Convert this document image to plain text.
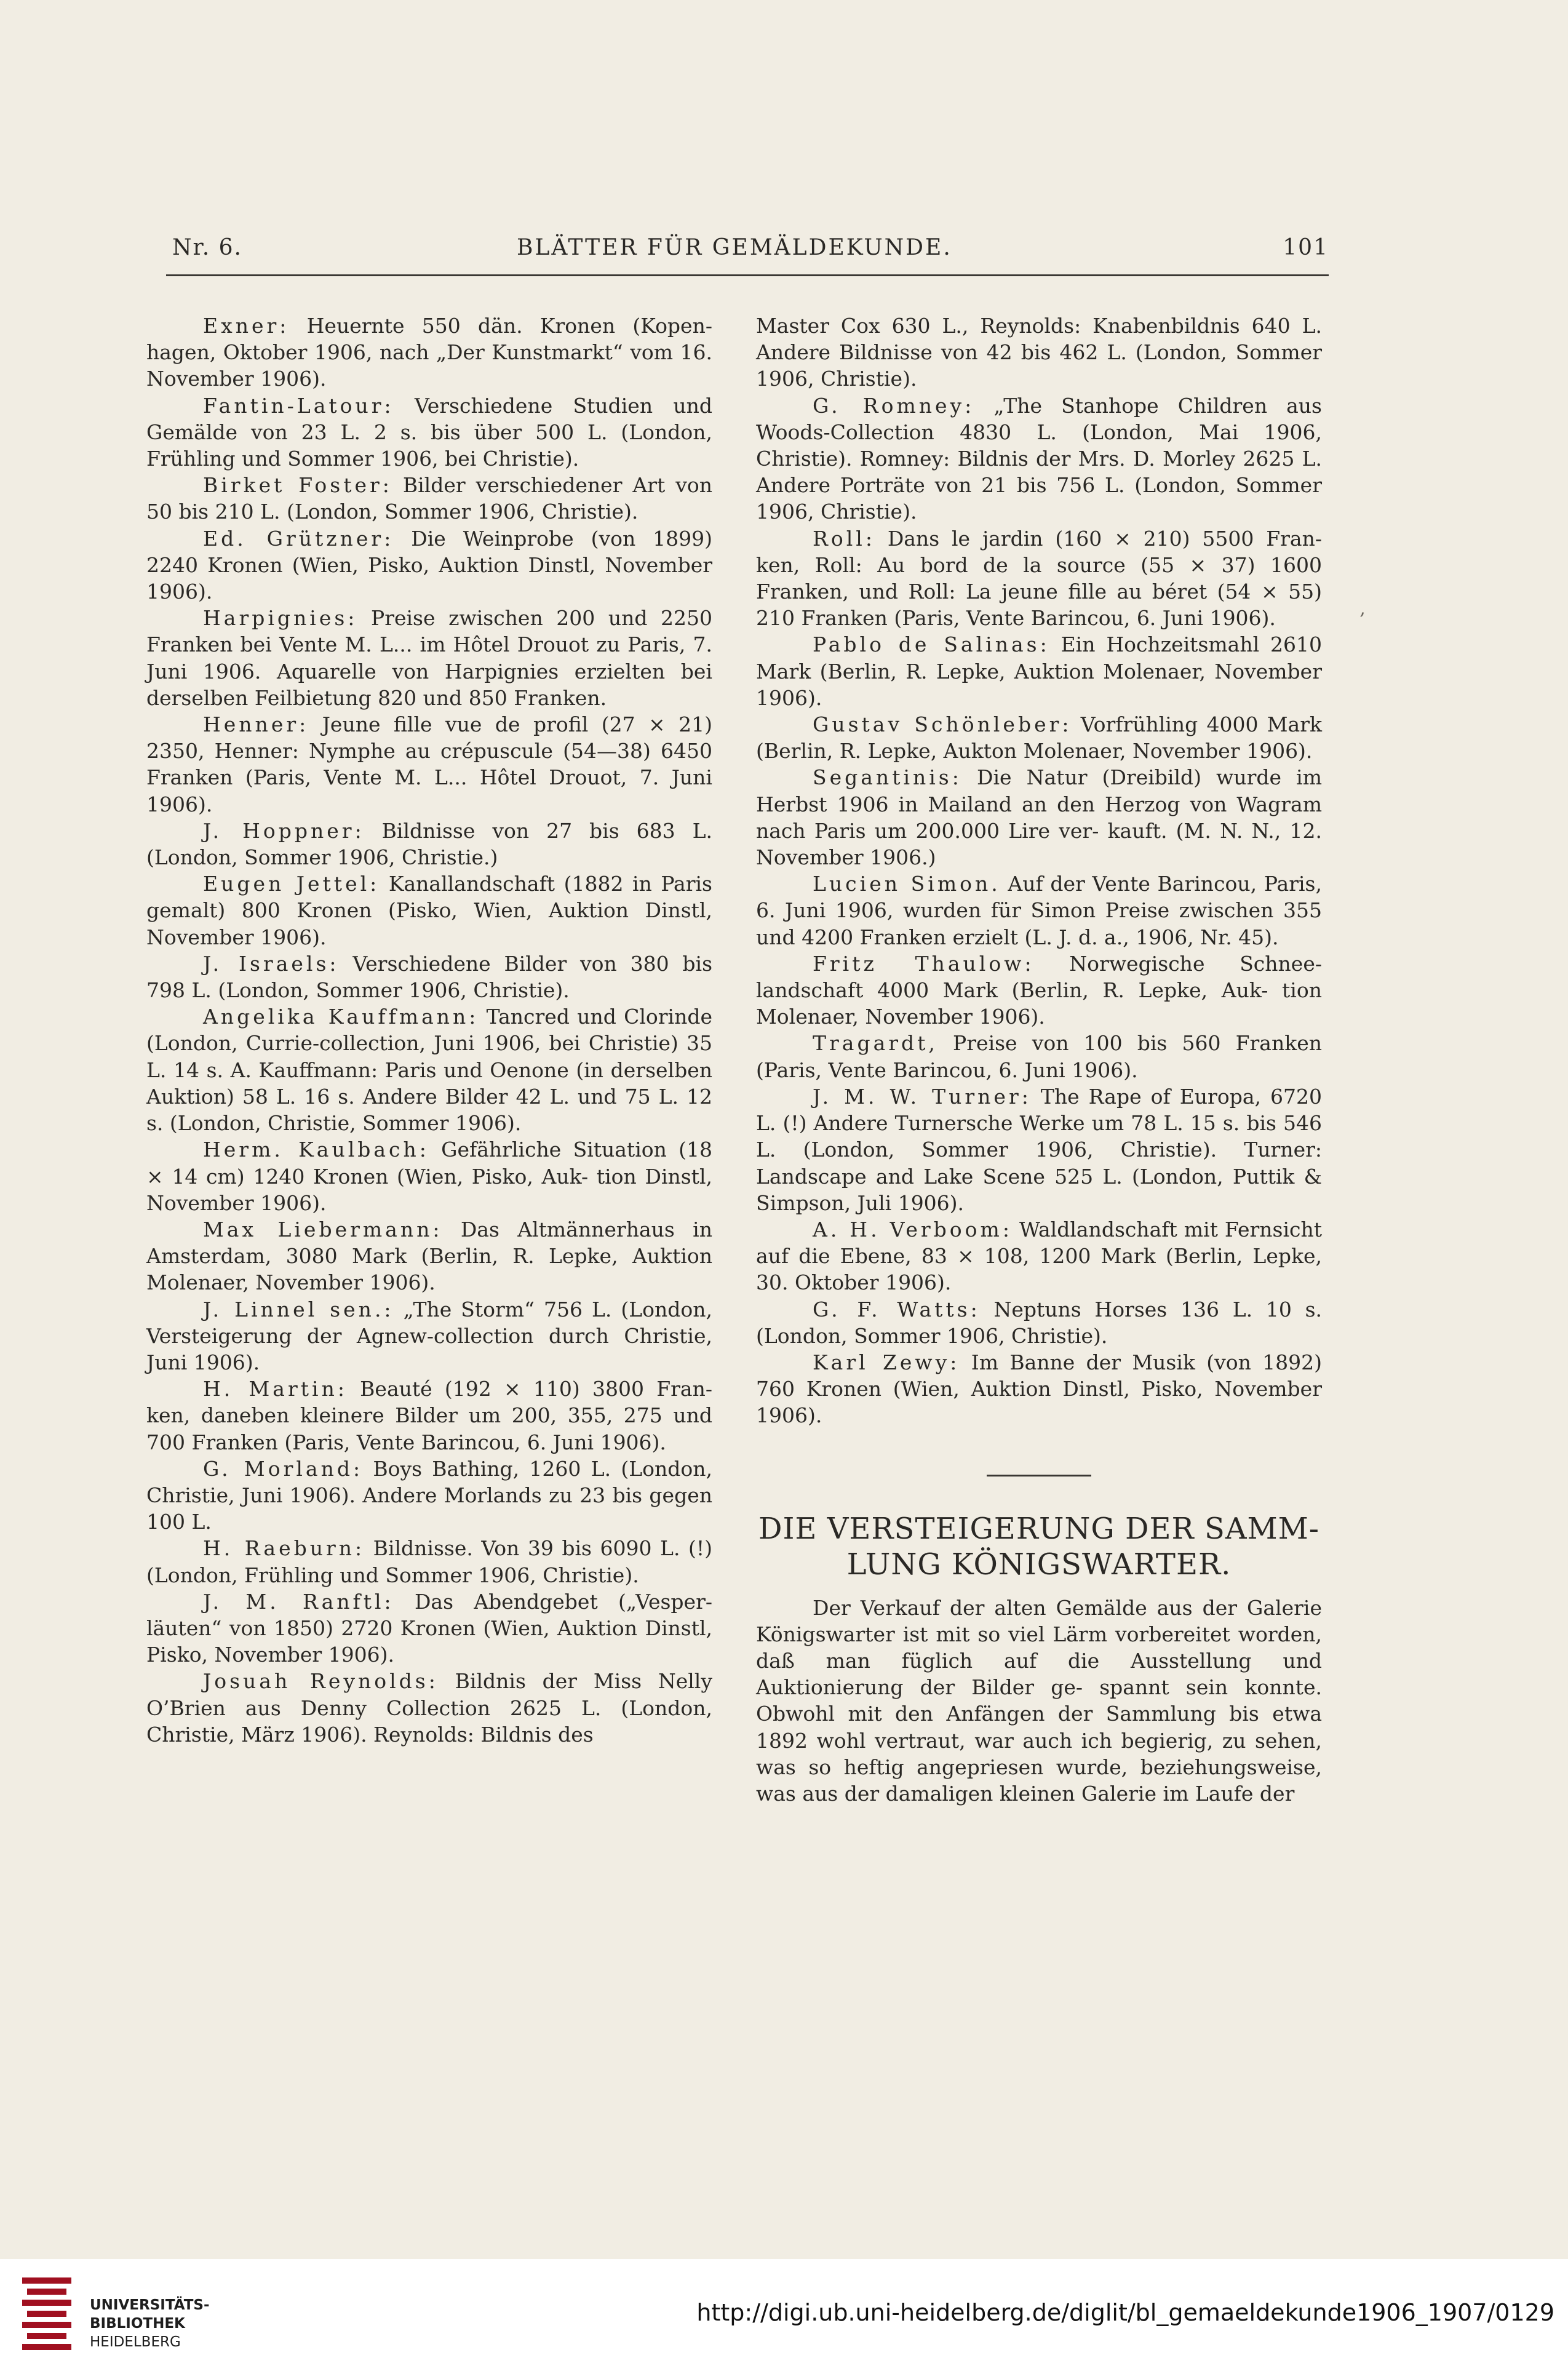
Nr. 6.	BLÄTTER FÜR GEMÄLDEKUNDE.	101

Exner: Heuernte 550 dän. Kronen (Kopen- hagen, Oktober 1906, nach „Der Kunstmarkt“ vom 16. November 1906).

Fantin-Latour: Verschiedene Studien und Gemälde von 23 L. 2 s. bis über 500 L. (London, Frühling und Sommer 1906, bei Christie).

Birket Foster: Bilder verschiedener Art von 50 bis 210 L. (London, Sommer 1906, Christie).

Ed. Grützner: Die Weinprobe (von 1899) 2240 Kronen (Wien, Pisko, Auktion Dinstl, November 1906).

Harpignies: Preise zwischen 200 und 2250 Franken bei Vente M. L... im Hôtel Drouot zu Paris, 7. Juni 1906. Aquarelle von Harpignies erzielten bei derselben Feilbietung 820 und 850 Franken.

Henner: Jeune fille vue de profil (27 × 21) 2350, Henner: Nymphe au crépuscule (54—38) 6450 Franken (Paris, Vente M. L... Hôtel Drouot, 7. Juni 1906).

J. Hoppner: Bildnisse von 27 bis 683 L. (London, Sommer 1906, Christie.)

Eugen Jettel: Kanallandschaft (1882 in Paris gemalt) 800 Kronen (Pisko, Wien, Auktion Dinstl, November 1906).

J. Israels: Verschiedene Bilder von 380 bis 798 L. (London, Sommer 1906, Christie).

Angelika Kauffmann: Tancred und Clorinde (London, Currie-collection, Juni 1906, bei Christie) 35 L. 14 s. A. Kauffmann: Paris und Oenone (in derselben Auktion) 58 L. 16 s. Andere Bilder 42 L. und 75 L. 12 s. (London, Christie, Sommer 1906).

Herm. Kaulbach: Gefährliche Situation (18 × 14 cm) 1240 Kronen (Wien, Pisko, Auk- tion Dinstl, November 1906).

Max Liebermann: Das Altmännerhaus in Amsterdam, 3080 Mark (Berlin, R. Lepke, Auktion Molenaer, November 1906).

J. Linnel sen.: „The Storm“ 756 L. (London, Versteigerung der Agnew-collection durch Christie, Juni 1906).

H. Martin: Beauté (192 × 110) 3800 Fran- ken, daneben kleinere Bilder um 200, 355, 275 und 700 Franken (Paris, Vente Barincou, 6. Juni 1906).

G. Morland: Boys Bathing, 1260 L. (London, Christie, Juni 1906). Andere Morlands zu 23 bis gegen 100 L.

H. Raeburn: Bildnisse. Von 39 bis 6090 L. (!) (London, Frühling und Sommer 1906, Christie).

J. M. Ranftl: Das Abendgebet („Vesper- läuten“ von 1850) 2720 Kronen (Wien, Auktion Dinstl, Pisko, November 1906).

Josuah Reynolds: Bildnis der Miss Nelly O’Brien aus Denny Collection 2625 L. (London, Christie, März 1906). Reynolds: Bildnis des

Master Cox 630 L., Reynolds: Knabenbildnis 640 L. Andere Bildnisse von 42 bis 462 L. (London, Sommer 1906, Christie).

G. Romney: „The Stanhope Children aus Woods-Collection 4830 L. (London, Mai 1906, Christie). Romney: Bildnis der Mrs. D. Morley 2625 L. Andere Porträte von 21 bis 756 L. (London, Sommer 1906, Christie).

Roll: Dans le jardin (160 × 210) 5500 Fran- ken, Roll: Au bord de la source (55 × 37) 1600 Franken, und Roll: La jeune fille au béret (54 × 55) 210 Franken (Paris, Vente Barincou, 6. Juni 1906).

Pablo de Salinas: Ein Hochzeitsmahl 2610 Mark (Berlin, R. Lepke, Auktion Molenaer, November 1906).

Gustav Schönleber: Vorfrühling 4000 Mark (Berlin, R. Lepke, Aukton Molenaer, November 1906).

Segantinis: Die Natur (Dreibild) wurde im Herbst 1906 in Mailand an den Herzog von Wagram nach Paris um 200.000 Lire ver- kauft. (M. N. N., 12. November 1906.)

Lucien Simon. Auf der Vente Barincou, Paris, 6. Juni 1906, wurden für Simon Preise zwischen 355 und 4200 Franken erzielt (L. J. d. a., 1906, Nr. 45).

Fritz Thaulow: Norwegische Schnee- landschaft 4000 Mark (Berlin, R. Lepke, Auk- tion Molenaer, November 1906).

Tragardt, Preise von 100 bis 560 Franken (Paris, Vente Barincou, 6. Juni 1906).

J. M. W. Turner: The Rape of Europa, 6720 L. (!) Andere Turnersche Werke um 78 L. 15 s. bis 546 L. (London, Sommer 1906, Christie). Turner: Landscape and Lake Scene 525 L. (London, Puttik & Simpson, Juli 1906).

A. H. Verboom: Waldlandschaft mit Fernsicht auf die Ebene, 83 × 108, 1200 Mark (Berlin, Lepke, 30. Oktober 1906).

G. F. Watts: Neptuns Horses 136 L. 10 s. (London, Sommer 1906, Christie).

Karl Zewy: Im Banne der Musik (von 1892) 760 Kronen (Wien, Auktion Dinstl, Pisko, November 1906).

DIE VERSTEIGERUNG DER SAMM-
LUNG KÖNIGSWARTER.

Der Verkauf der alten Gemälde aus der Galerie Königswarter ist mit so viel Lärm vorbereitet worden, daß man füglich auf die Ausstellung und Auktionierung der Bilder ge- spannt sein konnte. Obwohl mit den Anfängen der Sammlung bis etwa 1892 wohl vertraut, war auch ich begierig, zu sehen, was so heftig angepriesen wurde, beziehungsweise, was aus der damaligen kleinen Galerie im Laufe der

‚
UNIVERSITÄTS-
BIBLIOTHEK
HEIDELBERG
http://digi.ub.uni-heidelberg.de/diglit/bl_gemaeldekunde1906_1907/0129
